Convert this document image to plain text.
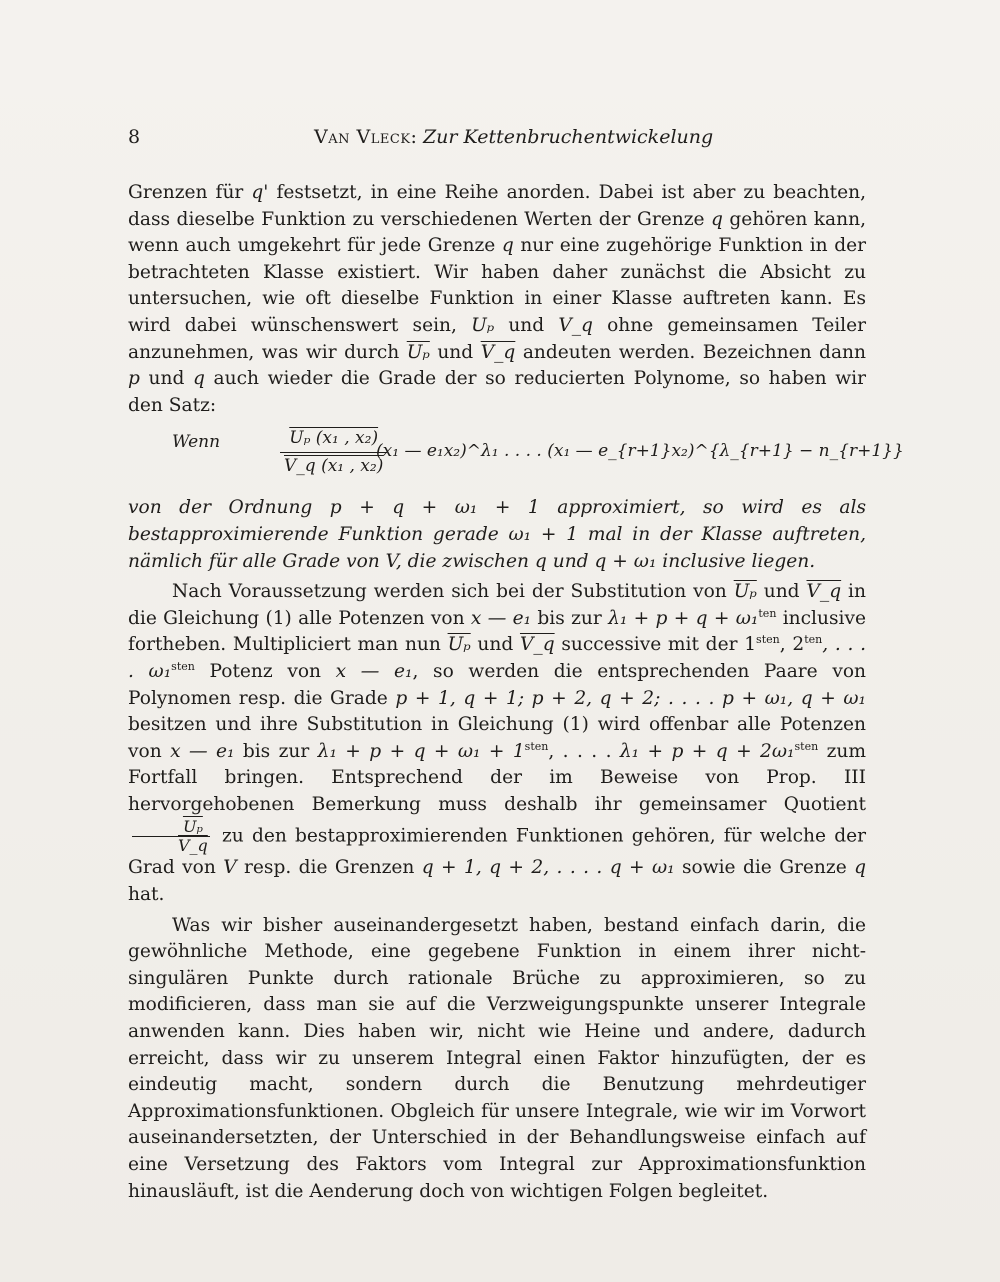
8	Van Vleck: Zur Kettenbruchentwickelung

Grenzen für q' festsetzt, in eine Reihe anorden. Dabei ist aber zu beachten, dass dieselbe Funktion zu verschiedenen Werten der Grenze q gehören kann, wenn auch umgekehrt für jede Grenze q nur eine zugehörige Funktion in der betrachteten Klasse existiert. Wir haben daher zunächst die Absicht zu untersuchen, wie oft dieselbe Funktion in einer Klasse auftreten kann. Es wird dabei wünschenswert sein, Uₚ und V_q ohne gemeinsamen Teiler anzunehmen, was wir durch $\overline{U_p}$ und V_q andeuten werden. Bezeichnen dann p und q auch wieder die Grade der so reducierten Polynome, so haben wir den Satz:

Wenn	$\frac{\text{Uₚ (x₁ , x₂)}}{\text{V\_q (x₁ , x₂)}}$
(x₁ — e₁x₂)^λ₁ . . . . (x₁ — e_{r+1}x₂)^{λ_{r+1} − n_{r+1}}

von der Ordnung p + q + ω₁ + 1 approximiert, so wird es als bestapproximierende Funktion gerade ω₁ + 1 mal in der Klasse auftreten, nämlich für alle Grade von V, die zwischen q und q + ω₁ inclusive liegen.

Nach Voraussetzung werden sich bei der Substitution von $\overline{U_p}$ und V_q in die Gleichung (1) alle Potenzen von x — e₁ bis zur λ₁ + p + q + ω₁$^{ten}$ inclusive fortheben. Multipliciert man nun $\overline{U_p}$ und V_q successive mit der $1^{sten}$, $2^{ten}$, . . . . ω₁$^{sten}$ Potenz von x — e₁, so werden die entsprechenden Paare von Polynomen resp. die Grade p + 1, q + 1; p + 2, q + 2; . . . . p + ω₁, q + ω₁ besitzen und ihre Substitution in Gleichung (1) wird offenbar alle Potenzen von x — e₁ bis zur $\lambda_1 + p + q + \omega_1 + 1^{sten}$, . . . . λ₁ + p + q + 2ω₁$^{sten}$ zum Fortfall bringen. Entsprechend der im Beweise von Prop. III hervorgehobenen Bemerkung muss deshalb ihr gemeinsamer Quotient
$\frac{\overline{U_p}}{V\_q}$ zu den bestapproximierenden Funktionen gehören, für welche der Grad von V resp. die Grenzen q + 1, q + 2, . . . . q + ω₁ sowie die Grenze q hat.

Was wir bisher auseinandergesetzt haben, bestand einfach darin, die gewöhnliche Methode, eine gegebene Funktion in einem ihrer nicht-singulären Punkte durch rationale Brüche zu approximieren, so zu modificieren, dass man sie auf die Verzweigungspunkte unserer Integrale anwenden kann. Dies haben wir, nicht wie Heine und andere, dadurch erreicht, dass wir zu unserem Integral einen Faktor hinzufügten, der es eindeutig macht, sondern durch die Benutzung mehrdeutiger Approximationsfunktionen. Obgleich für unsere Integrale, wie wir im Vorwort auseinandersetzten, der Unterschied in der Behandlungsweise einfach auf eine Versetzung des Faktors vom Integral zur Approximationsfunktion hinausläuft, ist die Aenderung doch von wichtigen Folgen begleitet.
